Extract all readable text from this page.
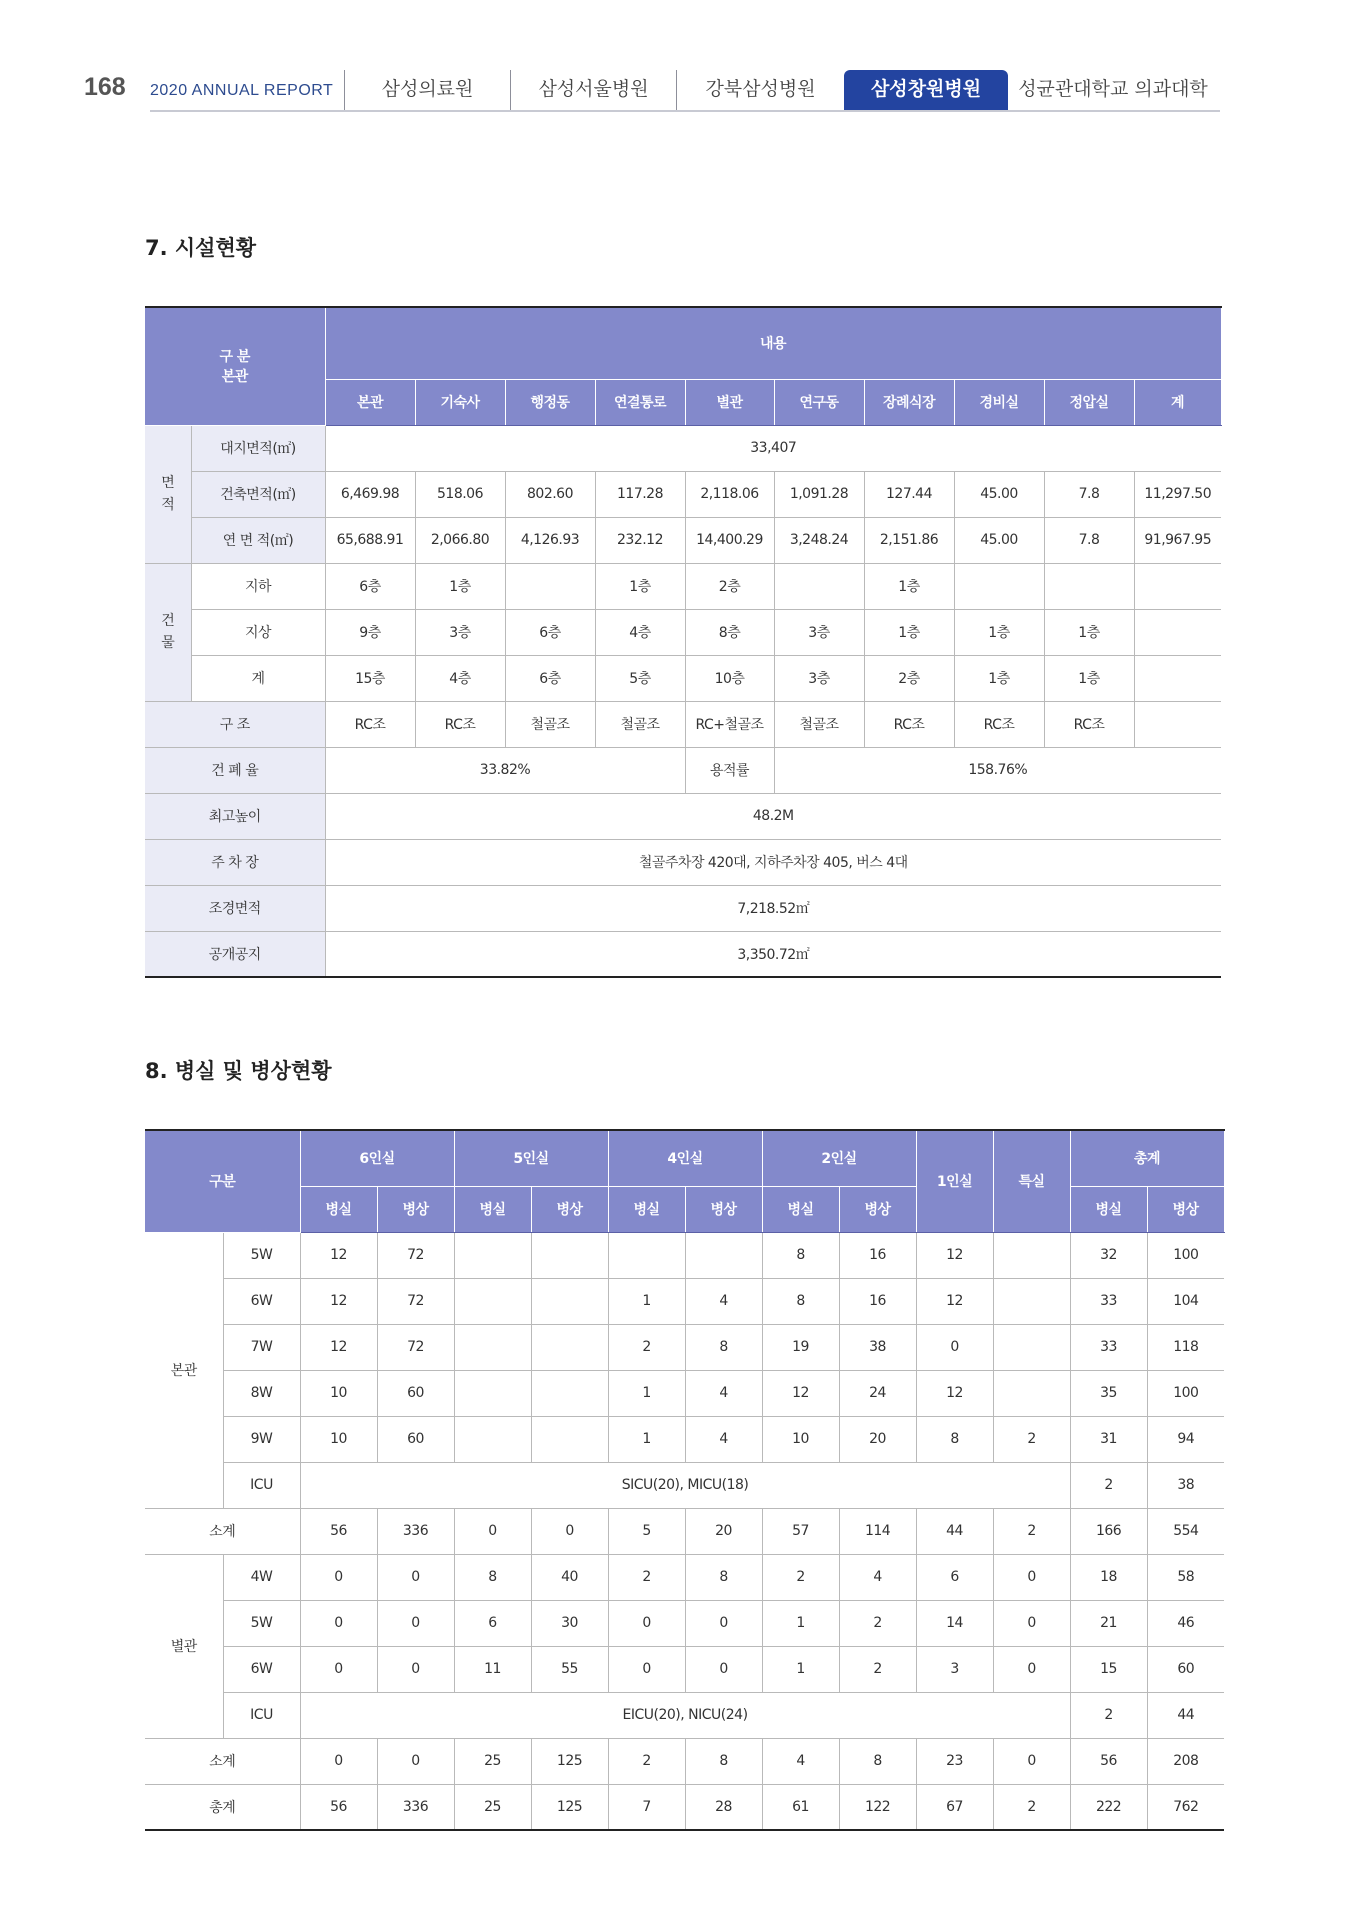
168 2020 ANNUAL REPORT	삼성의료원	삼성서울병원	강북삼성병원	삼성창원병원	성균관대학교 의과대학
7. 시설현황
구 분
본관		내용									
		본관	기숙사	행정동	연결통로	별관	연구동	장례식장	경비실	정압실	계
면적	대지면적(㎡)	33,407									
	건축면적(㎡)	6,469.98	518.06	802.60	117.28	2,118.06	1,091.28	127.44	45.00	7.8	11,297.50
	연 면 적(㎡)	65,688.91	2,066.80	4,126.93	232.12	14,400.29	3,248.24	2,151.86	45.00	7.8	91,967.95
건물	지하	6층	1층		1층	2층		1층			
	지상	9층	3층	6층	4층	8층	3층	1층	1층	1층	
	계	15층	4층	6층	5층	10층	3층	2층	1층	1층	
구 조		RC조	RC조	철골조	철골조	RC+철골조	철골조	RC조	RC조	RC조	
건 폐 율		33.82%				용적률	158.76%				
최고높이		48.2M									
주 차 장		철골주차장 420대, 지하주차장 405, 버스 4대									
조경면적		7,218.52㎡									
공개공지		3,350.72㎡									
8. 병실 및 병상현황
구분		6인실		5인실		4인실		2인실		1인실	특실	총계	
		병실	병상	병실	병상	병실	병상	병실	병상			병실	병상
본관	5W	12	72					8	16	12		32	100
	6W	12	72			1	4	8	16	12		33	104
	7W	12	72			2	8	19	38	0		33	118
	8W	10	60			1	4	12	24	12		35	100
	9W	10	60			1	4	10	20	8	2	31	94
	ICU	SICU(20), MICU(18)										2	38
소계		56	336	0	0	5	20	57	114	44	2	166	554
별관	4W	0	0	8	40	2	8	2	4	6	0	18	58
	5W	0	0	6	30	0	0	1	2	14	0	21	46
	6W	0	0	11	55	0	0	1	2	3	0	15	60
	ICU	EICU(20), NICU(24)										2	44
소계		0	0	25	125	2	8	4	8	23	0	56	208
총계		56	336	25	125	7	28	61	122	67	2	222	762
